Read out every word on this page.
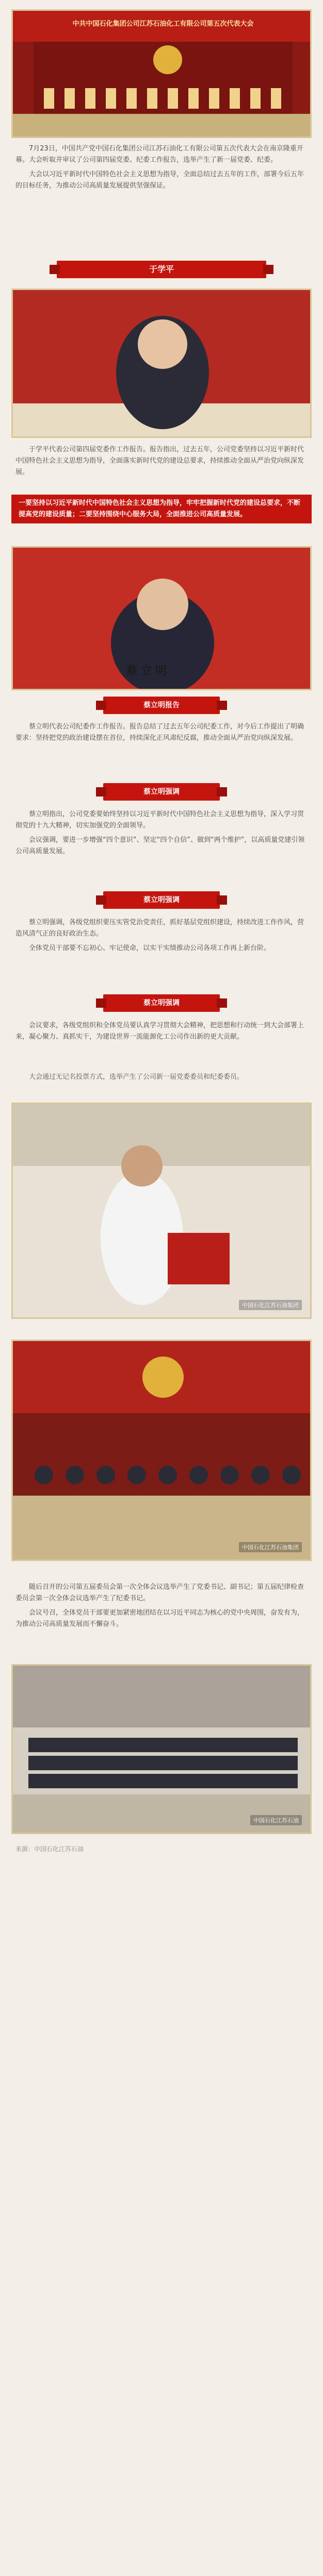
中共中国石化集团公司江苏石油化工有限公司第五次代表大会

7月23日，中国共产党中国石化集团公司江苏石油化工有限公司第五次代表大会在南京隆重开幕。大会听取并审议了公司第四届党委、纪委工作报告，选举产生了新一届党委、纪委。

大会以习近平新时代中国特色社会主义思想为指导，全面总结过去五年的工作，部署今后五年的目标任务，为推动公司高质量发展提供坚强保证。

于学平

于学平代表公司第四届党委作工作报告。报告指出，过去五年，公司党委坚持以习近平新时代中国特色社会主义思想为指导，全面落实新时代党的建设总要求，持续推动全面从严治党向纵深发展。

一要坚持以习近平新时代中国特色社会主义思想为指导，牢牢把握新时代党的建设总要求，不断提高党的建设质量；二要坚持围绕中心服务大局，全面推进公司高质量发展。
蔡立明
蔡立明报告

蔡立明代表公司纪委作工作报告。报告总结了过去五年公司纪委工作，对今后工作提出了明确要求：坚持把党的政治建设摆在首位，持续深化正风肃纪反腐，推动全面从严治党向纵深发展。

蔡立明强调

蔡立明指出，公司党委要始终坚持以习近平新时代中国特色社会主义思想为指导，深入学习贯彻党的十九大精神，切实加强党的全面领导。

会议强调，要进一步增强“四个意识”、坚定“四个自信”、做到“两个维护”，以高质量党建引领公司高质量发展。

蔡立明强调

蔡立明强调，各级党组织要压实管党治党责任，抓好基层党组织建设，持续改进工作作风，营造风清气正的良好政治生态。

全体党员干部要不忘初心、牢记使命，以实干实绩推动公司各项工作再上新台阶。

蔡立明强调

会议要求，各级党组织和全体党员要认真学习贯彻大会精神，把思想和行动统一到大会部署上来，凝心聚力、真抓实干，为建设世界一流能源化工公司作出新的更大贡献。

大会通过无记名投票方式，选举产生了公司新一届党委委员和纪委委员。

中国石化江苏石油集团
中国石化江苏石油集团

随后召开的公司第五届委员会第一次全体会议选举产生了党委书记、副书记；第五届纪律检查委员会第一次全体会议选举产生了纪委书记。

会议号召，全体党员干部要更加紧密地团结在以习近平同志为核心的党中央周围，奋发有为，为推动公司高质量发展而不懈奋斗。

中国石化江苏石油
来源：中国石化江苏石油
